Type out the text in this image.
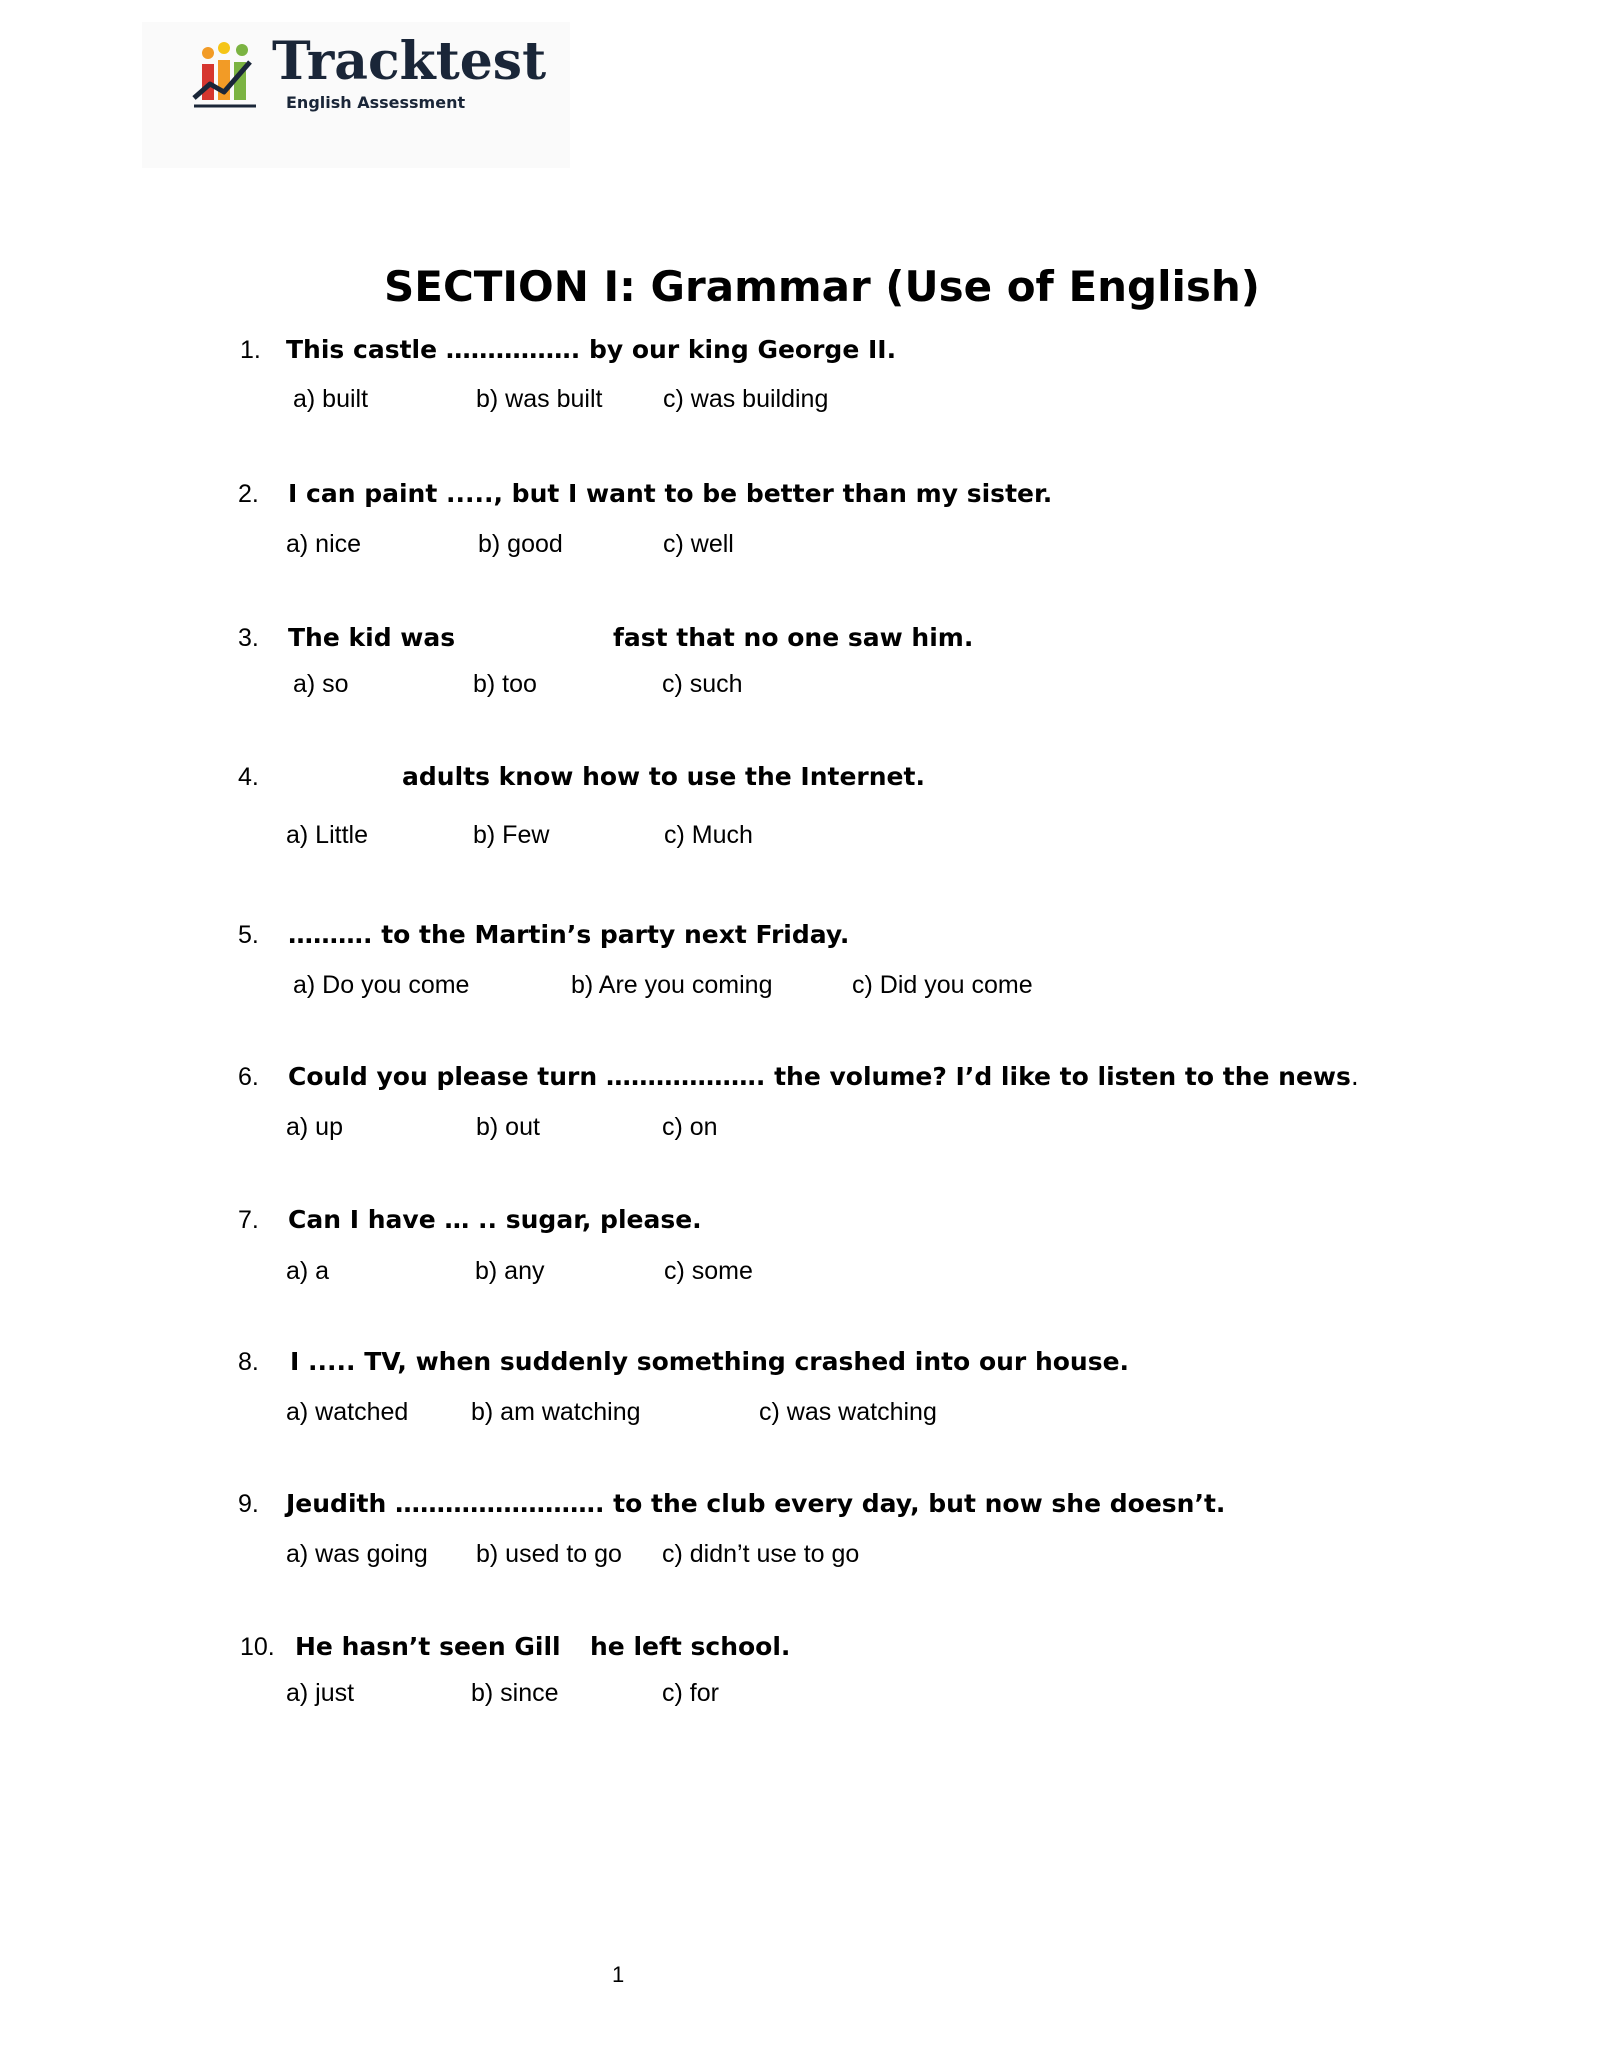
Tracktest
English Assessment
SECTION I: Grammar (Use of English)
1. This castle ……………. by our king George II.
a) built	b) was built c) was building
2. I can paint ....., but I want to be better than my sister.
a) nice	b) good	c) well
3. The kid was	fast that no one saw him.
a) so	b) too	c) such
4.	adults know how to use the Internet.
a) Little	b) Few	c) Much
5. ………. to the Martin’s party next Friday.
a) Do you come	b) Are you coming	c) Did you come
6. Could you please turn ………………. the volume? I’d like to listen to the news.
a) up	b) out	c) on
7. Can I have … .. sugar, please.
a) a	b) any	c) some
8. I ..... TV, when suddenly something crashed into our house.
a) watched	b) am watching	c) was watching
9. Jeudith ……………………. to the club every day, but now she doesn’t.
a) was going b) used to go c) didn’t use to go
10. He hasn’t seen Gill he left school.
a) just	b) since	c) for
1
